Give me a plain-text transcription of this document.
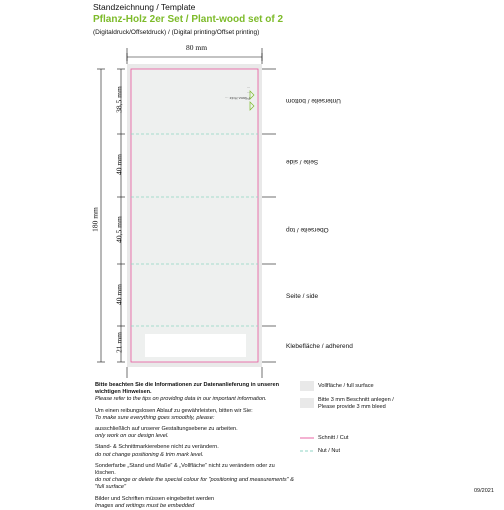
Standzeichnung / Template
Pflanz-Holz 2er Set / Plant-wood set of 2
(Digitaldruck/Offsetdruck) / (Digital printing/Offset printing)
80 mm
180 mm
38,5 mm
40 mm
40,5 mm
40 mm
21 mm
Unterseite / bottom
Seite / side
Oberseite / top
Seite / side
Klebefläche / adherend
Pflanz-Holz ...
...
...

Bitte beachten Sie die Informationen zur Datenanlieferung in unseren wichtigen Hinweisen.

Please refer to the tips on providing data in our important information.

Um einen reibungslosen Ablauf zu gewährleisten, bitten wir Sie:

To make sure everything goes smoothly, please:

ausschließlich auf unserer Gestaltungsebene zu arbeiten.

only work on our design level.

Stand- & Schnittmarkierebene nicht zu verändern.

do not change positioning & trim mark level.

Sonderfarbe „Stand und Maße“ & „Vollfläche“ nicht zu verändern oder zu löschen.

do not change or delete the special colour for "positioning and measurements" & "full surface"

Bilder und Schriften müssen eingebettet werden

Images and writings must be embedded

Vollfläche / full surface
Bitte 3 mm Beschnitt anlegen /
Please provide 3 mm bleed
Schnitt / Cut
Nut / Nut
09/2021
